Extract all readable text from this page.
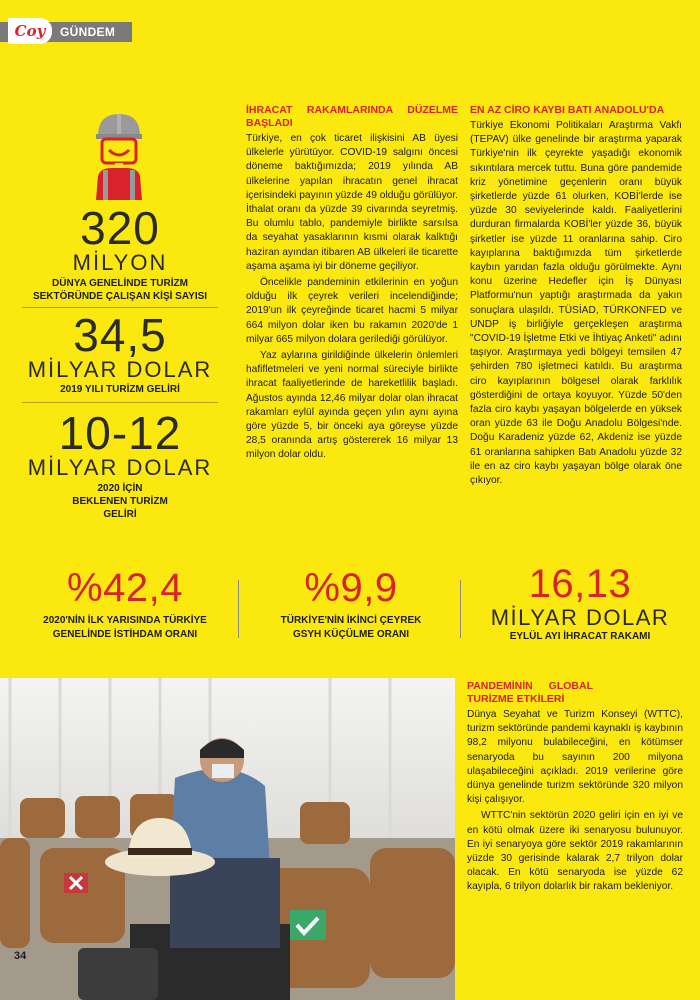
Coy	GÜNDEM
320
MİLYON
DÜNYA GENELİNDE TURİZM SEKTÖRÜNDE ÇALIŞAN KİŞİ SAYISI
34,5
MİLYAR DOLAR
2019 YILI TURİZM GELİRİ
10-12
MİLYAR DOLAR
2020 İÇİN BEKLENEN TURİZM GELİRİ
İHRACAT RAKAMLARINDA DÜZELME BAŞLADI

Türkiye, en çok ticaret ilişkisini AB üyesi ülkelerle yürütüyor. COVID-19 salgını öncesi döneme baktığımızda; 2019 yılında AB ülkelerine yapılan ihracatın genel ihracat içerisindeki payının yüzde 49 olduğu görülüyor. İthalat oranı da yüzde 39 civarında seyretmiş. Bu olumlu tablo, pandemiyle birlikte sarsılsa da seyahat yasaklarının kısmi olarak kalktığı haziran ayından itibaren AB ülkeleri ile ticarette aşama aşama iyi bir döneme geçiliyor.

Öncelikle pandeminin etkilerinin en yoğun olduğu ilk çeyrek verileri incelendiğinde; 2019'un ilk çeyreğinde ticaret hacmi 5 milyar 664 milyon dolar iken bu rakamın 2020'de 1 milyar 665 milyon dolara gerilediği görülüyor.

Yaz aylarına girildiğinde ülkelerin önlemleri hafifletmeleri ve yeni normal süreciyle birlikte ihracat faaliyetlerinde de hareketlilik başladı. Ağustos ayında 12,46 milyar dolar olan ihracat rakamları eylül ayında geçen yılın aynı ayına göre yüzde 5, bir önceki aya göreyse yüzde 28,5 oranında artış göstererek 16 milyar 13 milyon dolar oldu.

EN AZ CİRO KAYBI BATI ANADOLU'DA

Türkiye Ekonomi Politikaları Araştırma Vakfı (TEPAV) ülke genelinde bir araştırma yaparak Türkiye'nin ilk çeyrekte yaşadığı ekonomik sıkıntılara mercek tuttu. Buna göre pandemide kriz yönetimine geçenlerin oranı büyük şirketlerde yüzde 61 olurken, KOBİ'lerde ise yüzde 30 seviyelerinde kaldı. Faaliyetlerini durduran firmalarda KOBİ'ler yüzde 36, büyük şirketler ise yüzde 11 oranlarına sahip. Ciro kayıplarına baktığımızda tüm şirketlerde kaybın yarıdan fazla olduğu görülmekte. Aynı konu üzerine Hedefler için İş Dünyası Platformu'nun yaptığı araştırmada da yakın sonuçlara ulaşıldı. TÜSİAD, TÜRKONFED ve UNDP iş birliğiyle gerçekleşen araştırma "COVID-19 İşletme Etki ve İhtiyaç Anketi" adını taşıyor. Araştırmaya yedi bölgeyi temsilen 47 şehirden 780 işletmeci katıldı. Bu araştırma ciro kayıplarının bölgesel olarak farklılık gösterdiğini de ortaya koyuyor. Yüzde 50'den fazla ciro kaybı yaşayan bölgelerde en yüksek oran yüzde 63 ile Doğu Anadolu Bölgesi'nde. Doğu Karadeniz yüzde 62, Akdeniz ise yüzde 61 oranlarına sahipken Batı Anadolu yüzde 32 ile en az ciro kaybı yaşayan bölge olarak öne çıkıyor.

%42,4
2020'NİN İLK YARISINDA TÜRKİYE GENELİNDE İSTİHDAM ORANI
%9,9
TÜRKİYE'NİN İKİNCİ ÇEYREK GSYH KÜÇÜLME ORANI
16,13
MİLYAR DOLAR
EYLÜL AYI İHRACAT RAKAMI
PANDEMİNİN GLOBAL TURİZME ETKİLERİ

Dünya Seyahat ve Turizm Konseyi (WTTC), turizm sektöründe pandemi kaynaklı iş kaybının 98,2 milyonu bulabileceğini, en kötümser senaryoda bu sayının 200 milyona ulaşabileceğini açıkladı. 2019 verilerine göre dünya genelinde turizm sektöründe 320 milyon kişi çalışıyor.

WTTC'nin sektörün 2020 geliri için en iyi ve en kötü olmak üzere iki senaryosu bulunuyor. En iyi senaryoya göre sektör 2019 rakamlarının yüzde 30 gerisinde kalarak 2,7 trilyon dolar olacak. En kötü senaryoda ise yüzde 62 kayıpla, 6 trilyon dolarlık bir rakam bekleniyor.

34
